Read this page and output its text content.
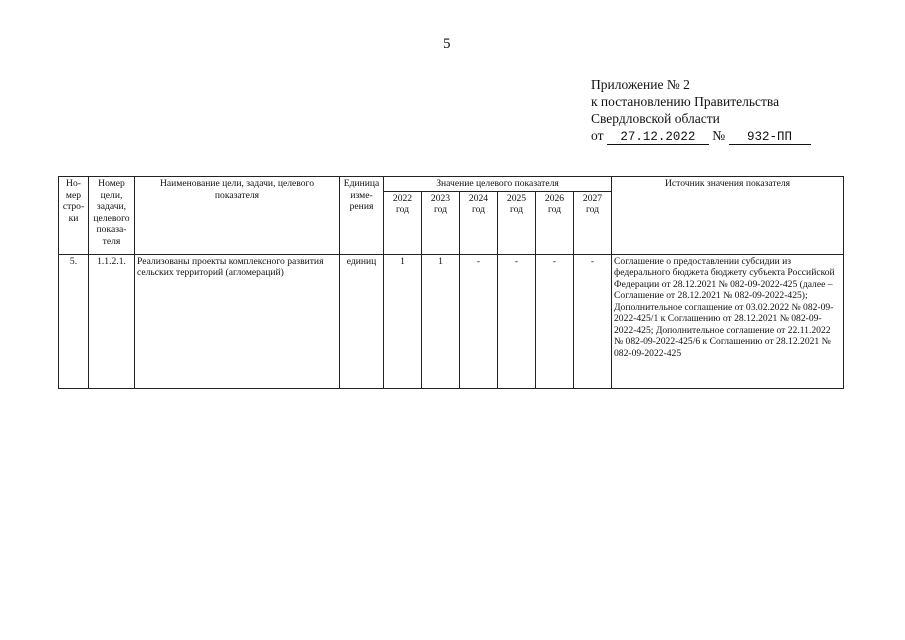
5
Приложение № 2
к постановлению Правительства
Свердловской области
от 27.12.2022 № 932-ПП
Но-мер стро-ки	Номер цели, задачи, целевого показа-теля	Наименование цели, задачи, целевого показателя	Единица изме-рения	Значение целевого показателя						Источник значения показателя
				2022 год	2023 год	2024 год	2025 год	2026 год	2027 год	
5.	1.1.2.1.	Реализованы проекты комплексного развития сельских территорий (агломераций)	единиц	1	1	-	-	-	-	Соглашение о предоставлении субсидии из федерального бюджета бюджету субъекта Российской Федерации от 28.12.2021 № 082-09-2022-425 (далее – Соглашение от 28.12.2021 № 082-09-2022-425); Дополнительное соглашение от 03.02.2022 № 082-09-2022-425/1 к Соглашению от 28.12.2021 № 082-09-2022-425; Дополнительное соглашение от 22.11.2022 № 082-09-2022-425/6 к Соглашению от 28.12.2021 № 082-09-2022-425
